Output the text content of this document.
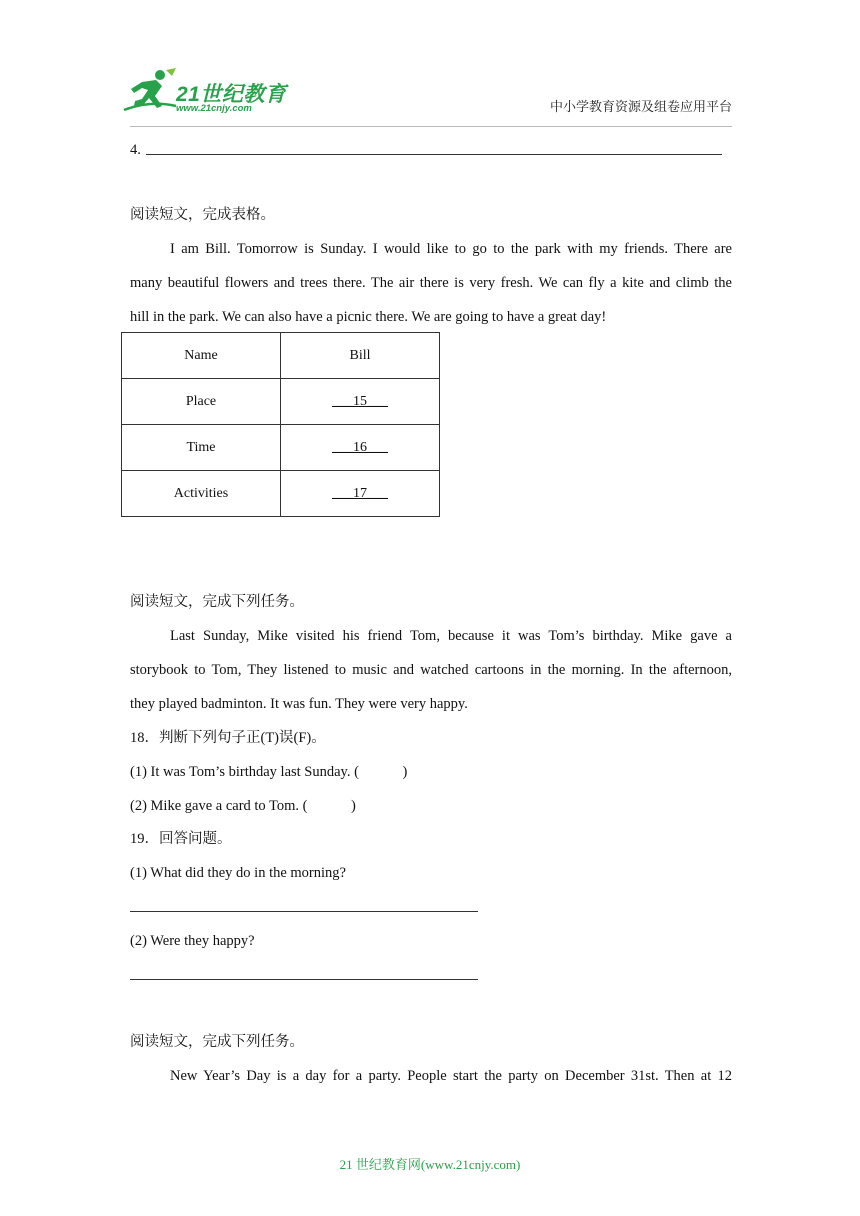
21世纪教育
www.21cnjy.com	中小学教育资源及组卷应用平台
4.
阅读短文，完成表格。
I am Bill. Tomorrow is Sunday. I would like to go to the park with my friends. There are
many beautiful flowers and trees there. The air there is very fresh. We can fly a kite and climb the
hill in the park. We can also have a picnic there. We are going to have a great day!
Name	Bill
Place	___15___
Time	___16___
Activities	___17___
阅读短文，完成下列任务。
Last Sunday, Mike visited his friend Tom, because it was Tom’s birthday. Mike gave a
storybook to Tom, They listened to music and watched cartoons in the morning. In the afternoon,
they played badminton. It was fun. They were very happy.
18．判断下列句子正(T)误(F)。
(1) It was Tom’s birthday last Sunday. (            )
(2) Mike gave a card to Tom. (            )
19．回答问题。
(1) What did they do in the morning?
(2) Were they happy?
阅读短文，完成下列任务。
New Year’s Day is a day for a party. People start the party on December 31st. Then at 12
21 世纪教育网(www.21cnjy.com)
